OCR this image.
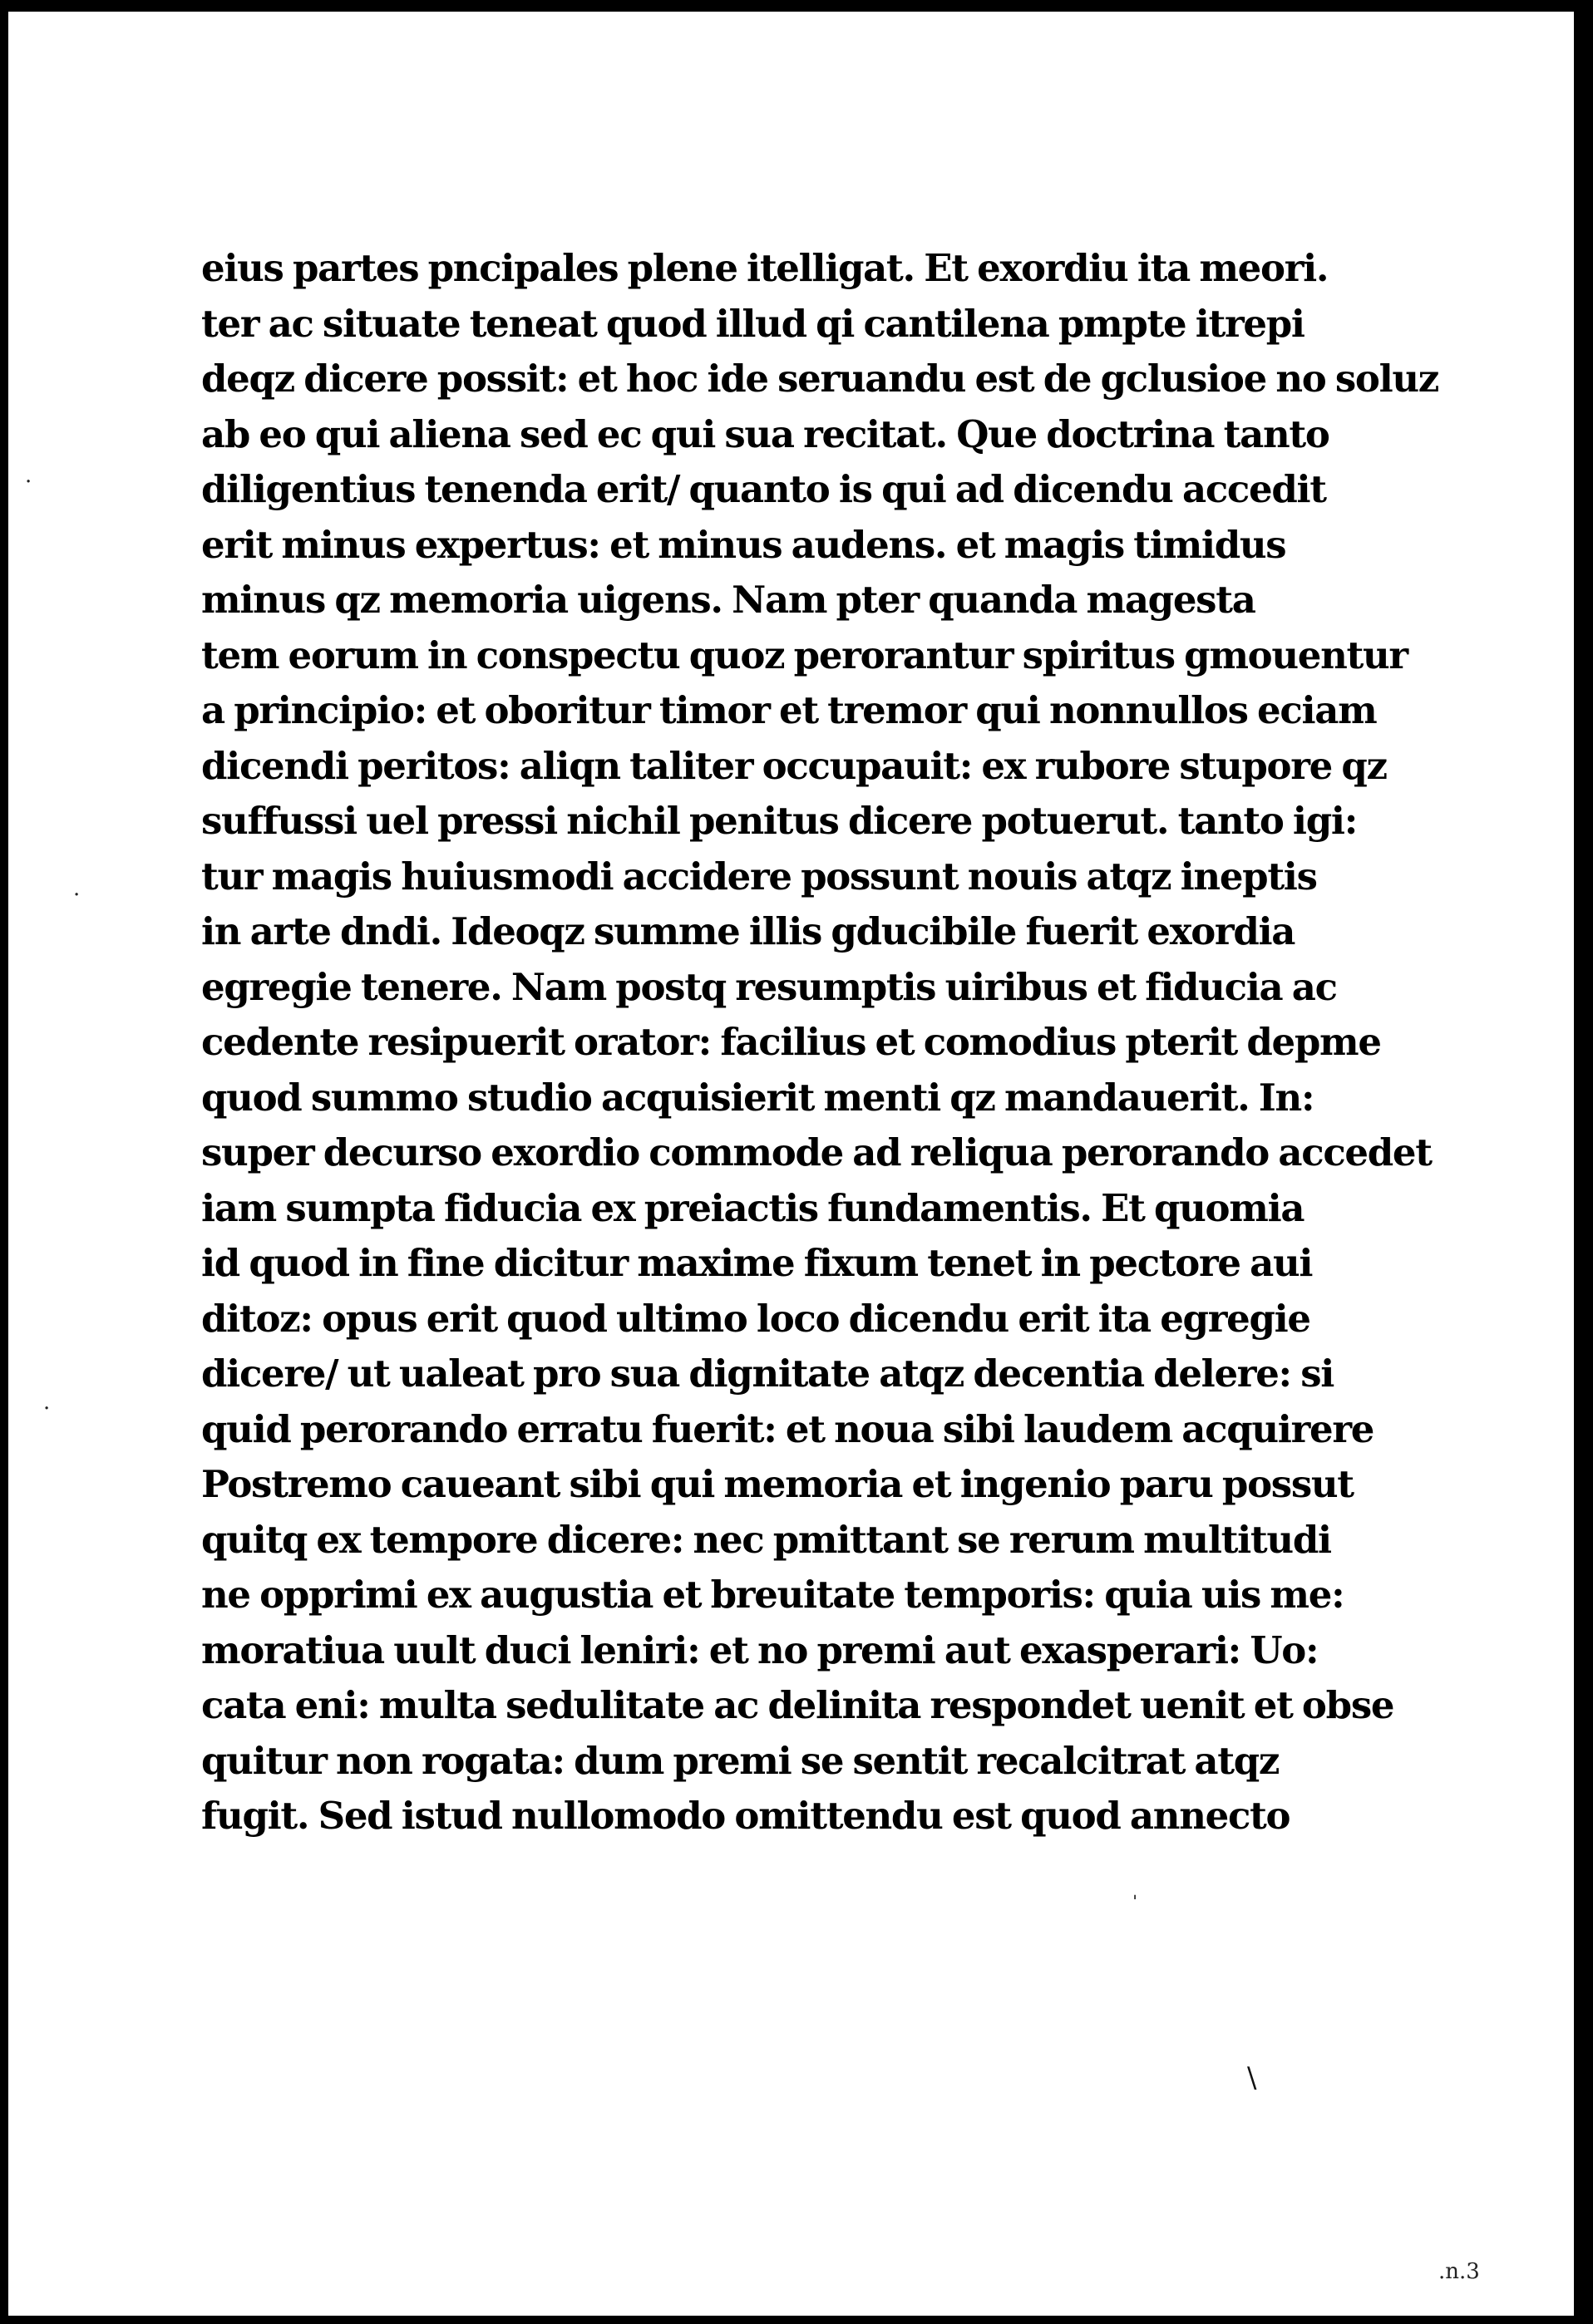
eius partes pncipales plene itelligat. Et exordiu ita meori.
ter ac situate teneat quod illud qi cantilena pmpte itrepi
deqz dicere possit: et hoc ide seruandu est de gclusioe no soluz
ab eo qui aliena sed ec qui sua recitat. Que doctrina tanto
diligentius tenenda erit/ quanto is qui ad dicendu accedit
erit minus expertus: et minus audens. et magis timidus
minus qz memoria uigens. Nam pter quanda magesta
tem eorum in conspectu quoz perorantur spiritus gmouentur
a principio: et oboritur timor et tremor qui nonnullos eciam
dicendi peritos: aliqn taliter occupauit: ex rubore stupore qz
suffussi uel pressi nichil penitus dicere potuerut. tanto igi:
tur magis huiusmodi accidere possunt nouis atqz ineptis
in arte dndi. Ideoqz summe illis gducibile fuerit exordia
egregie tenere. Nam postq resumptis uiribus et fiducia ac
cedente resipuerit orator: facilius et comodius pterit depme
quod summo studio acquisierit menti qz mandauerit. In:
super decurso exordio commode ad reliqua perorando accedet
iam sumpta fiducia ex preiactis fundamentis. Et quomia
id quod in fine dicitur maxime fixum tenet in pectore aui
ditoz: opus erit quod ultimo loco dicendu erit ita egregie
dicere/ ut ualeat pro sua dignitate atqz decentia delere: si
quid perorando erratu fuerit: et noua sibi laudem acquirere
Postremo caueant sibi qui memoria et ingenio paru possut
quitq ex tempore dicere: nec pmittant se rerum multitudi
ne opprimi ex augustia et breuitate temporis: quia uis me:
moratiua uult duci leniri: et no premi aut exasperari: Uo:
cata eni: multa sedulitate ac delinita respondet uenit et obse
quitur non rogata: dum premi se sentit recalcitrat atqz
fugit. Sed istud nullomodo omittendu est quod annecto
·
·
·
ˈ
\
.n.3
